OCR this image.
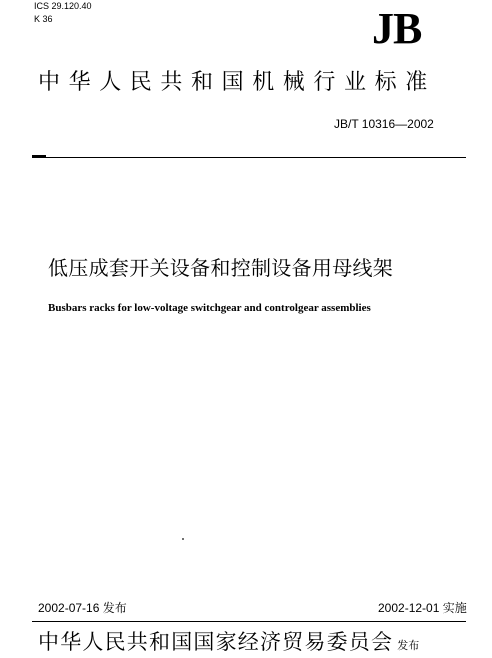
ICS 29.120.40
K 36	JB
中华人民共和国机械行业标准
JB/T 10316—2002
低压成套开关设备和控制设备用母线架
Busbars racks for low-voltage switchgear and controlgear assemblies
2002-07-16 发布	2002-12-01 实施
中华人民共和国国家经济贸易委员会 发布
